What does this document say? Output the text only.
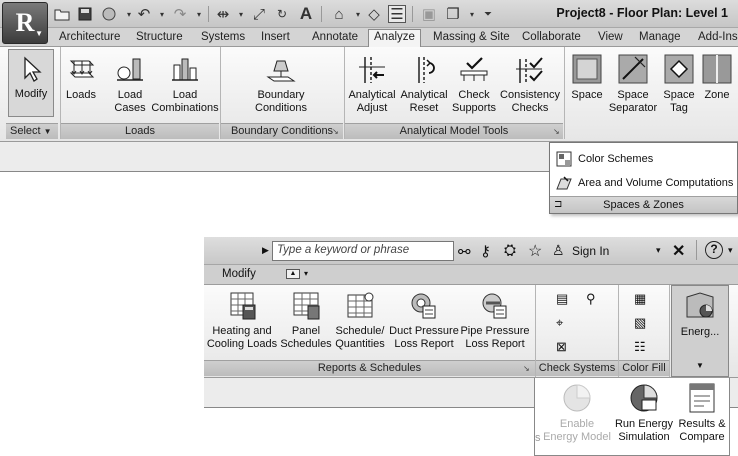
▾ ↶	▾ ↷	▾	⇹	▾ ⤢ ↻ A ⌂	▾ ◇ ☰ ▣ ❐	▾	⏷	Project8 - Floor Plan: Level 1
R ▼	Architecture	Structure	Systems	Insert	Annotate	Analyze	Massing & Site	Collaborate	View	Manage	Add-Ins
Modify
Select ▼
Loads	Load Cases
Load Combinations
Loads
Boundary Conditions
Boundary Conditions
↘
Analytical Adjust
Analytical Reset
Check Supports
Consistency Checks
Analytical Model Tools	↘
Space	Space Separator
Space Tag
Zone
Color Schemes
Area and Volume Computations
⊐	Spaces & Zones
▶ Type a keyword or phrase	⚯ ⚷ ⛭ ☆ ♙ Sign In	▾ ✕	?	▾
Modify	▲ ▾
Heating and Cooling Loads
Panel Schedules
Schedule/ Quantities
Duct Pressure Loss Report
Pipe Pressure Loss Report
Reports & Schedules	↘
▤ ⚲
⌖
⊠
Check Systems
▦
▧
☷
Color Fill
Energ...
▼
s
Enable Energy Model
Run Energy Simulation
Results & Compare
